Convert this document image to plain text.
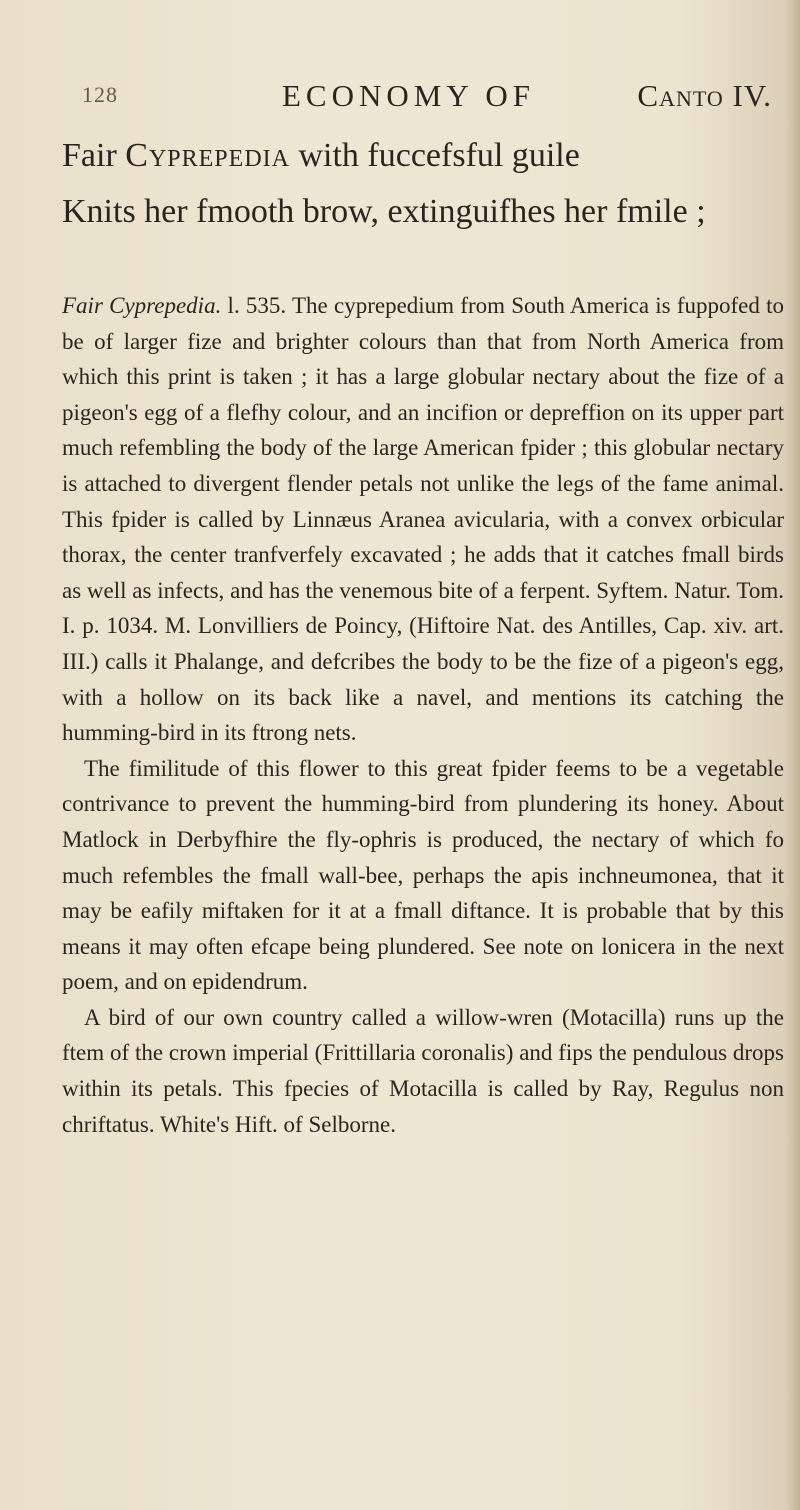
128	ECONOMY OF	Canto IV.
Fair Cyprepedia with fuccefsful guile
Knits her fmooth brow, extinguifhes her fmile ;

Fair Cyprepedia. l. 535. The cyprepedium from South America is fuppofed to be of larger fize and brighter colours than that from North America from which this print is taken ; it has a large globular nectary about the fize of a pigeon's egg of a flefhy colour, and an incifion or depreffion on its upper part much refembling the body of the large American fpider ; this globular nectary is attached to divergent flender petals not unlike the legs of the fame animal. This fpider is called by Linnæus Aranea avicularia, with a convex orbicular thorax, the center tranfverfely excavated ; he adds that it catches fmall birds as well as infects, and has the venemous bite of a ferpent. Syftem. Natur. Tom. I. p. 1034. M. Lonvilliers de Poincy, (Hiftoire Nat. des Antilles, Cap. xiv. art. III.) calls it Phalange, and defcribes the body to be the fize of a pigeon's egg, with a hollow on its back like a navel, and mentions its catching the humming-bird in its ftrong nets.

The fimilitude of this flower to this great fpider feems to be a vegetable contrivance to prevent the humming-bird from plundering its honey. About Matlock in Derbyfhire the fly-ophris is produced, the nectary of which fo much refembles the fmall wall-bee, perhaps the apis inchneumonea, that it may be eafily miftaken for it at a fmall diftance. It is probable that by this means it may often efcape being plundered. See note on lonicera in the next poem, and on epidendrum.

A bird of our own country called a willow-wren (Motacilla) runs up the ftem of the crown imperial (Frittillaria coronalis) and fips the pendulous drops within its petals. This fpecies of Motacilla is called by Ray, Regulus non chriftatus. White's Hift. of Selborne.
